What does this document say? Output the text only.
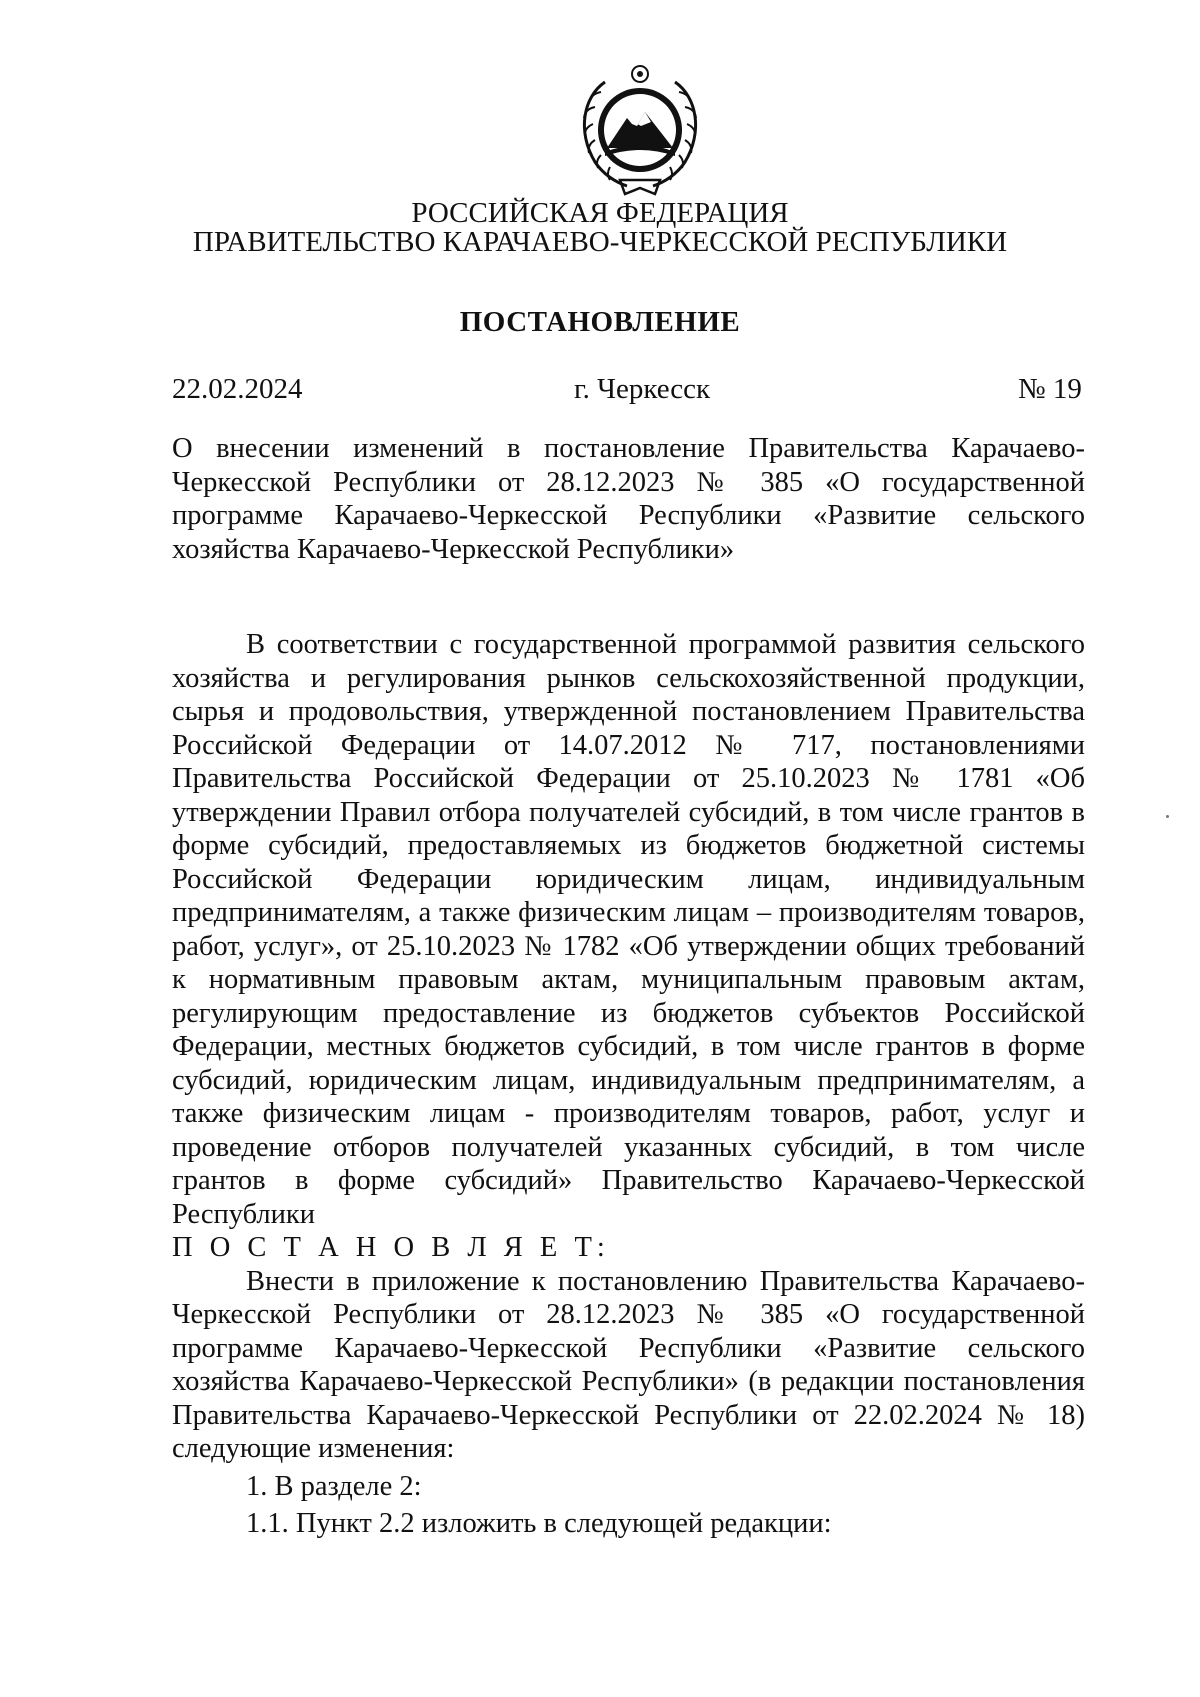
РОССИЙСКАЯ ФЕДЕРАЦИЯ
ПРАВИТЕЛЬСТВО КАРАЧАЕВО-ЧЕРКЕССКОЙ РЕСПУБЛИКИ
ПОСТАНОВЛЕНИЕ
22.02.2024	г. Черкесск	№ 19
О внесении изменений в постановление Правительства Карачаево-Черкесской Республики от 28.12.2023 № 385 «О государственной программе Карачаево-Черкесской Республики «Развитие сельского хозяйства Карачаево-Черкесской Республики»

В соответствии с государственной программой развития сельского хозяйства и регулирования рынков сельскохозяйственной продукции, сырья и продовольствия, утвержденной постановлением Правительства Российской Федерации от 14.07.2012 № 717, постановлениями Правительства Российской Федерации от 25.10.2023 № 1781 «Об утверждении Правил отбора получателей субсидий, в том числе грантов в форме субсидий, предоставляемых из бюджетов бюджетной системы Российской Федерации юридическим лицам, индивидуальным предпринимателям, а также физическим лицам – производителям товаров, работ, услуг», от 25.10.2023 № 1782 «Об утверждении общих требований к нормативным правовым актам, муниципальным правовым актам, регулирующим предоставление из бюджетов субъектов Российской Федерации, местных бюджетов субсидий, в том числе грантов в форме субсидий, юридическим лицам, индивидуальным предпринимателям, а также физическим лицам - производителям товаров, работ, услуг и проведение отборов получателей указанных субсидий, в том числе грантов в форме субсидий» Правительство Карачаево-Черкесской Республики

П О С Т А Н О В Л Я Е Т:

Внести в приложение к постановлению Правительства Карачаево-Черкесской Республики от 28.12.2023 № 385 «О государственной программе Карачаево-Черкесской Республики «Развитие сельского хозяйства Карачаево-Черкесской Республики» (в редакции постановления Правительства Карачаево-Черкесской Республики от 22.02.2024 № 18) следующие изменения:

1. В разделе 2:

1.1. Пункт 2.2 изложить в следующей редакции:
